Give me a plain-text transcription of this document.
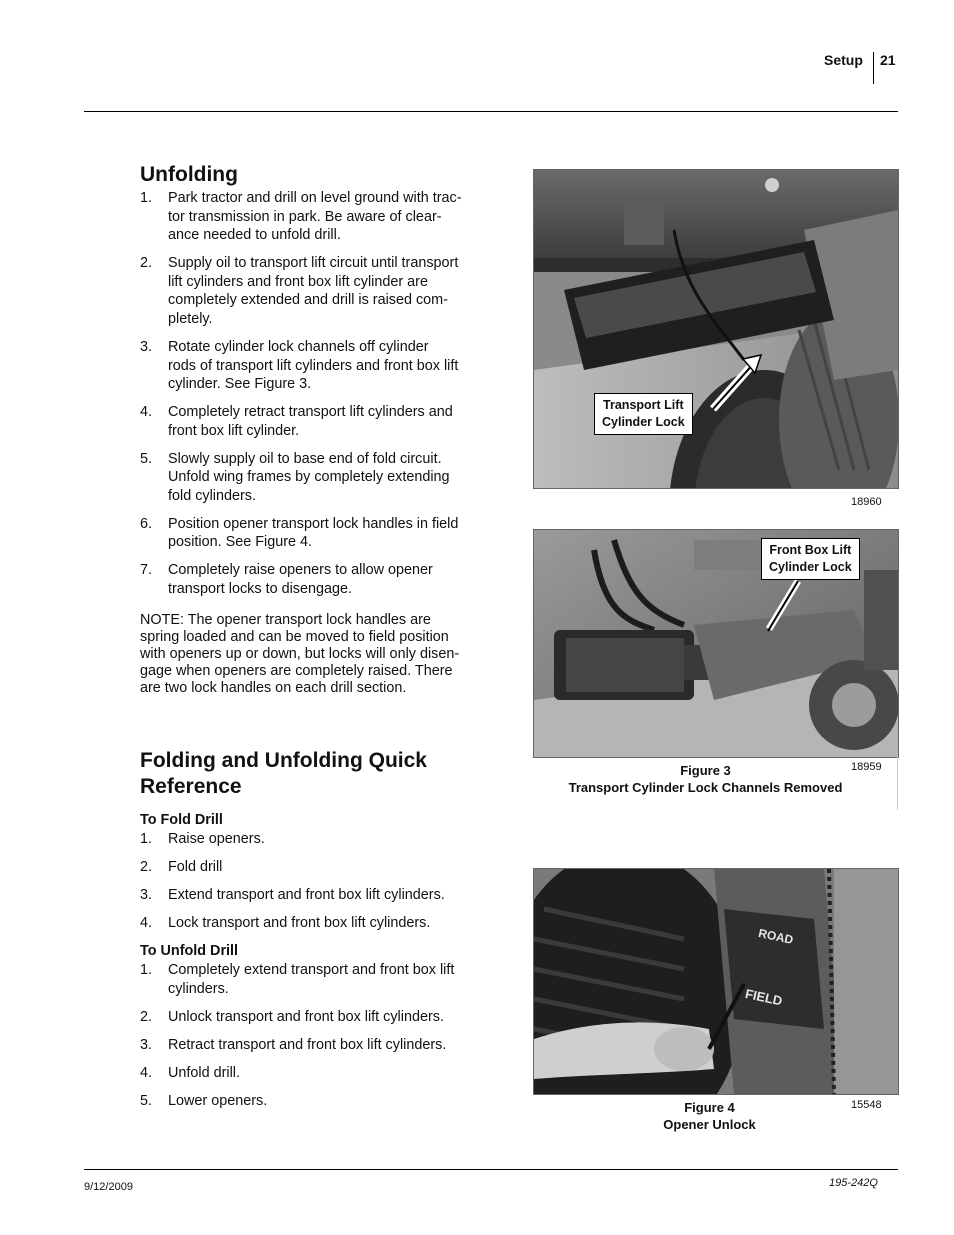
Setup 21
Unfolding
1. Park tractor and drill on level ground with trac-
tor transmission in park. Be aware of clear-
ance needed to unfold drill.
2. Supply oil to transport lift circuit until transport
lift cylinders and front box lift cylinder are
completely extended and drill is raised com-
pletely.
3. Rotate cylinder lock channels off cylinder
rods of transport lift cylinders and front box lift
cylinder. See Figure 3.
4. Completely retract transport lift cylinders and
front box lift cylinder.
5. Slowly supply oil to base end of fold circuit.
Unfold wing frames by completely extending
fold cylinders.
6. Position opener transport lock handles in field
position. See Figure 4.
7. Completely raise openers to allow opener
transport locks to disengage.
NOTE: The opener transport lock handles are
spring loaded and can be moved to field position
with openers up or down, but locks will only disen-
gage when openers are completely raised. There
are two lock handles on each drill section.
Folding and Unfolding Quick
Reference
To Fold Drill
1. Raise openers.
2. Fold drill
3. Extend transport and front box lift cylinders.
4. Lock transport and front box lift cylinders.
To Unfold Drill
1. Completely extend transport and front box lift
cylinders.
2. Unlock transport and front box lift cylinders.
3. Retract transport and front box lift cylinders.
4. Unfold drill.
5. Lower openers.
Transport Lift
Cylinder Lock
18960
Front Box Lift
Cylinder Lock
18959
Figure 3
Transport Cylinder Lock Channels Removed
ROAD
FIELD
15548
Figure 4
Opener Unlock
9/12/2009	195-242Q
